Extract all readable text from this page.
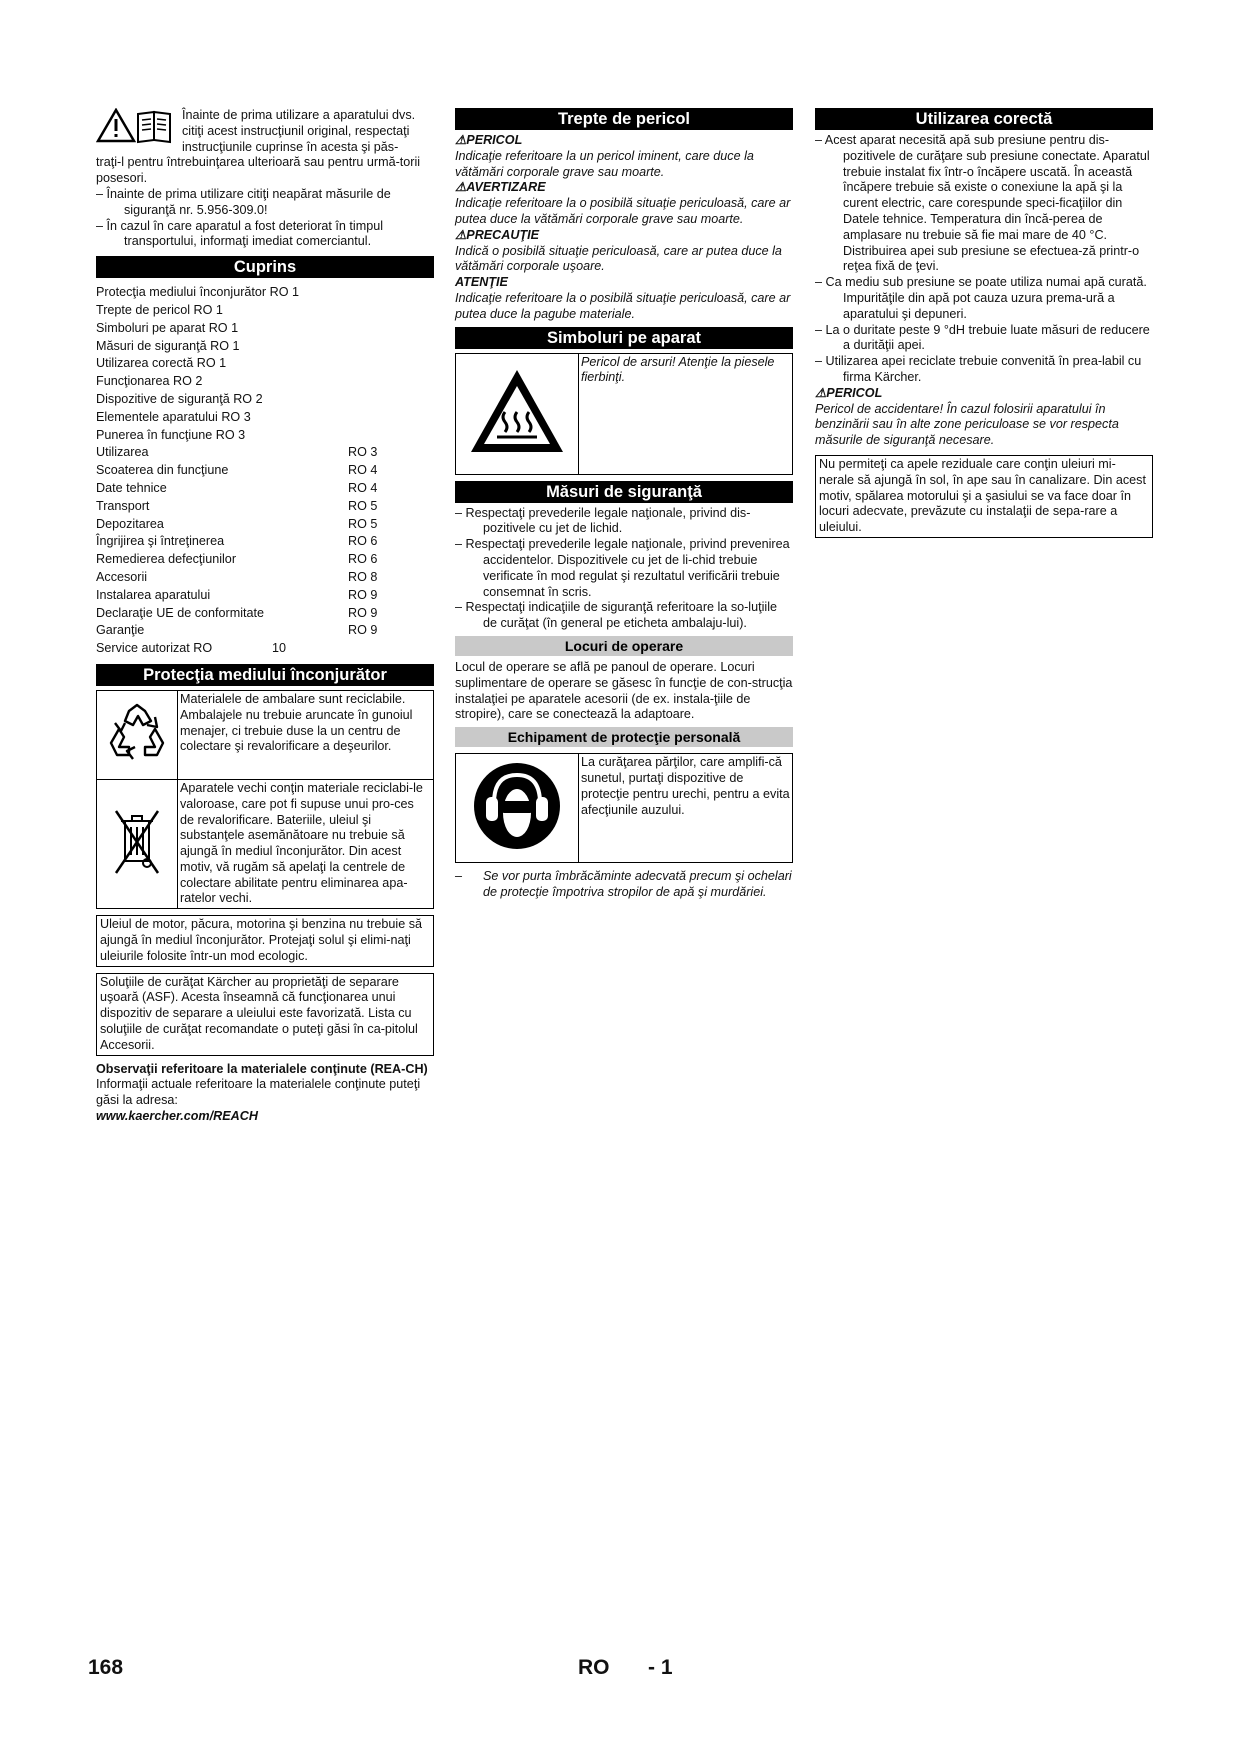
Înainte de prima utilizare a aparatului dvs. citiţi acest instrucţiunil original, respectaţi instrucţiunile cuprinse în acesta şi păs-

traţi-l pentru întrebuinţarea ulterioară sau pentru urmă-torii posesori.

– Înainte de prima utilizare citiţi neapărat măsurile de siguranţă nr. 5.956-309.0!

– În cazul în care aparatul a fost deteriorat în timpul transportului, informaţi imediat comerciantul.

Cuprins
Protecţia mediului înconjurător RO 1
Trepte de pericol RO 1
Simboluri pe aparat RO 1
Măsuri de siguranţă RO 1
Utilizarea corectă RO 1
Funcţionarea RO 2
Dispozitive de siguranţă RO 2
Elementele aparatului RO 3
Punerea în funcţiune RO 3
Utilizarea	RO 3
Scoaterea din funcţiune	RO 4
Date tehnice	RO 4
Transport	RO 5
Depozitarea	RO 5
Îngrijirea şi întreţinerea	RO 6
Remedierea defecţiunilor	RO 6
Accesorii	RO 8
Instalarea aparatului	RO 9
Declaraţie UE de conformitate	RO 9
Garanţie	RO 9
Service autorizat RO	10
Protecţia mediului înconjurător
	Materialele de ambalare sunt reciclabile. Ambalajele nu trebuie aruncate în gunoiul menajer, ci trebuie duse la un centru de colectare şi revalorificare a deşeurilor.
	Aparatele vechi conţin materiale reciclabi-le valoroase, care pot fi supuse unui pro-ces de revalorificare. Bateriile, uleiul şi substanţele asemănătoare nu trebuie să ajungă în mediul înconjurător. Din acest motiv, vă rugăm să apelaţi la centrele de colectare abilitate pentru eliminarea apa-ratelor vechi.
Uleiul de motor, păcura, motorina şi benzina nu trebuie să ajungă în mediul înconjurător. Protejaţi solul şi elimi-naţi uleiurile folosite într-un mod ecologic.
Soluţiile de curăţat Kärcher au proprietăţi de separare uşoară (ASF). Acesta înseamnă că funcţionarea unui dispozitiv de separare a uleiului este favorizată. Lista cu soluţiile de curăţat recomandate o puteţi găsi în ca-pitolul Accesorii.

Observaţii referitoare la materialele conţinute (REA-CH)

Informaţii actuale referitoare la materialele conţinute puteţi găsi la adresa:

www.kaercher.com/REACH

Trepte de pericol

⚠PERICOL

Indicaţie referitoare la un pericol iminent, care duce la vătămări corporale grave sau moarte.

⚠AVERTIZARE

Indicaţie referitoare la o posibilă situaţie periculoasă, care ar putea duce la vătămări corporale grave sau moarte.

⚠PRECAUŢIE

Indică o posibilă situaţie periculoasă, care ar putea duce la vătămări corporale uşoare.

ATENŢIE

Indicaţie referitoare la o posibilă situaţie periculoasă, care ar putea duce la pagube materiale.

Simboluri pe aparat
	Pericol de arsuri! Atenţie la piesele fierbinţi.
Măsuri de siguranţă

– Respectaţi prevederile legale naţionale, privind dis-pozitivele cu jet de lichid.

– Respectaţi prevederile legale naţionale, privind prevenirea accidentelor. Dispozitivele cu jet de li-chid trebuie verificate în mod regulat şi rezultatul verificării trebuie consemnat în scris.

– Respectaţi indicaţiile de siguranţă referitoare la so-luţiile de curăţat (în general pe eticheta ambalaju-lui).

Locuri de operare

Locul de operare se află pe panoul de operare. Locuri suplimentare de operare se găsesc în funcţie de con-strucţia instalaţiei pe aparatele acesorii (de ex. instala-ţiile de stropire), care se conectează la adaptoare.

Echipament de protecţie personală
	La curăţarea părţilor, care amplifi-că sunetul, purtaţi dispozitive de protecţie pentru urechi, pentru a evita afecţiunile auzului.
–	Se vor purta îmbrăcăminte adecvată precum şi ochelari de protecţie împotriva stropilor de apă şi murdăriei.
Utilizarea corectă

– Acest aparat necesită apă sub presiune pentru dis-pozitivele de curăţare sub presiune conectate. Aparatul trebuie instalat fix într-o încăpere uscată. În această încăpere trebuie să existe o conexiune la apă şi la curent electric, care corespunde speci-ficaţiilor din Datele tehnice. Temperatura din încă-perea de amplasare nu trebuie să fie mai mare de 40 °C. Distribuirea apei sub presiune se efectuea-ză printr-o reţea fixă de ţevi.

– Ca mediu sub presiune se poate utiliza numai apă curată. Impurităţile din apă pot cauza uzura prema-ură a aparatului şi depuneri.

– La o duritate peste 9 °dH trebuie luate măsuri de reducere a durităţii apei.

– Utilizarea apei reciclate trebuie convenită în prea-labil cu firma Kärcher.

⚠PERICOL

Pericol de accidentare! În cazul folosirii aparatului în benzinării sau în alte zone periculoase se vor respecta măsurile de siguranţă necesare.

Nu permiteţi ca apele reziduale care conţin uleiuri mi-nerale să ajungă în sol, în ape sau în canalizare. Din acest motiv, spălarea motorului şi a şasiului se va face doar în locuri adecvate, prevăzute cu instalaţii de sepa-rare a uleiului.
168	RO - 1
